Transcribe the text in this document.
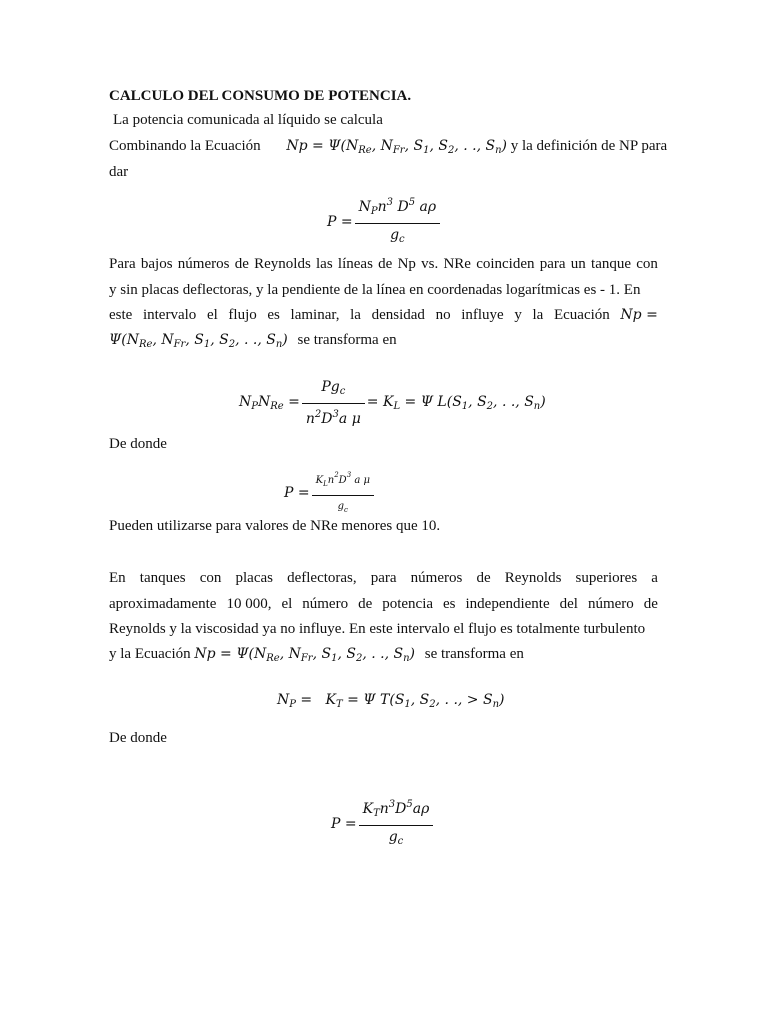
CALCULO DEL CONSUMO DE POTENCIA.
La potencia comunicada al líquido se calcula
Combinando la Ecuación $Np = \Psi(N_{Re}$, $N_{Fr}$, $S_1$, $S_2$, . ., $S_n$) y la definición de NP para
dar
$P = \frac{N_Pn^3 D^5 a\rho}{g_c}$
Para bajos números de Reynolds las líneas de Np vs. NRe coinciden para un tanque con
y sin placas deflectoras, y la pendiente de la línea en coordenadas logarítmicas es - 1. En
este intervalo el flujo es laminar, la densidad no influye y la Ecuación Np =
$\Psi(N_{Re}$, $N_{Fr}$, $S_1$, $S_2$, . ., $S_n$) se transforma en
$N_PN_{Re} = \frac{Pg_c}{n^2D^3a \mu} = K_L = \Psi$ $L(S_1$, $S_2$, . ., $S_n$)
De donde
$P = \frac{K_Ln^2D^3 a \mu}{g_c}$
Pueden utilizarse para valores de NRe menores que 10.
En tanques con placas deflectoras, para números de Reynolds superiores a
aproximadamente 10 000, el número de potencia es independiente del número de
Reynolds y la viscosidad ya no influye. En este intervalo el flujo es totalmente turbulento
y la Ecuación $Np = \Psi(N_{Re}$, $N_{Fr}$, $S_1$, $S_2$, . ., $S_n$) se transforma en
$N_P = K_T = \Psi$ $T(S_1$, $S_2$, . ., > $S_n$)
De donde
$P = \frac{K_Tn^3D^5a\rho}{g_c}$
